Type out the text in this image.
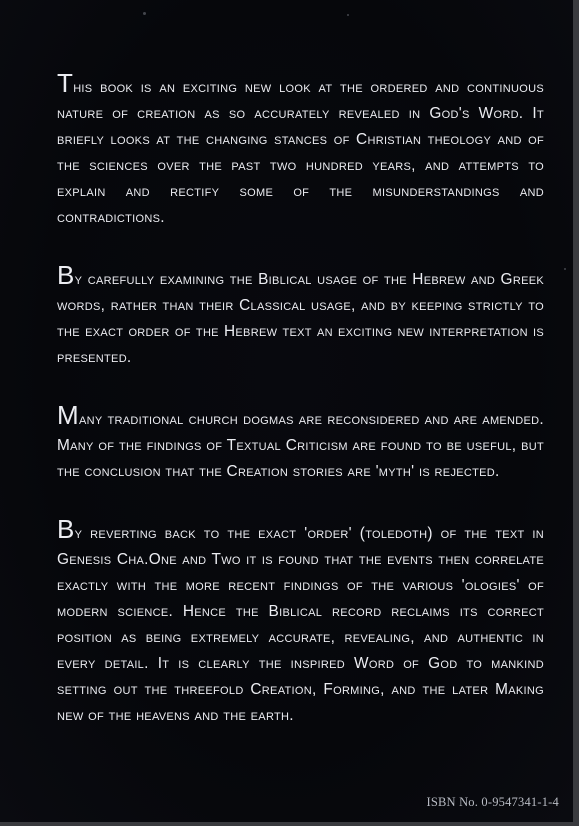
This book is an exciting new look at the ordered and continuous nature of creation as so accurately revealed in God's Word. It briefly looks at the changing stances of Christian theology and of the sciences over the past two hundred years, and attempts to explain and rectify some of the misunderstandings and contradictions.

By carefully examining the Biblical usage of the Hebrew and Greek words, rather than their Classical usage, and by keeping strictly to the exact order of the Hebrew text an exciting new interpretation is presented.

Many traditional church dogmas are reconsidered and are amended. Many of the findings of Textual Criticism are found to be useful, but the conclusion that the Creation stories are 'myth' is rejected.

By reverting back to the exact 'order' (toledoth) of the text in Genesis Cha.One and Two it is found that the events then correlate exactly with the more recent findings of the various 'ologies' of modern science. Hence the Biblical record reclaims its correct position as being extremely accurate, revealing, and authentic in every detail. It is clearly the inspired Word of God to mankind setting out the threefold Creation, Forming, and the later Making new of the heavens and the earth.

ISBN No. 0-9547341-1-4
